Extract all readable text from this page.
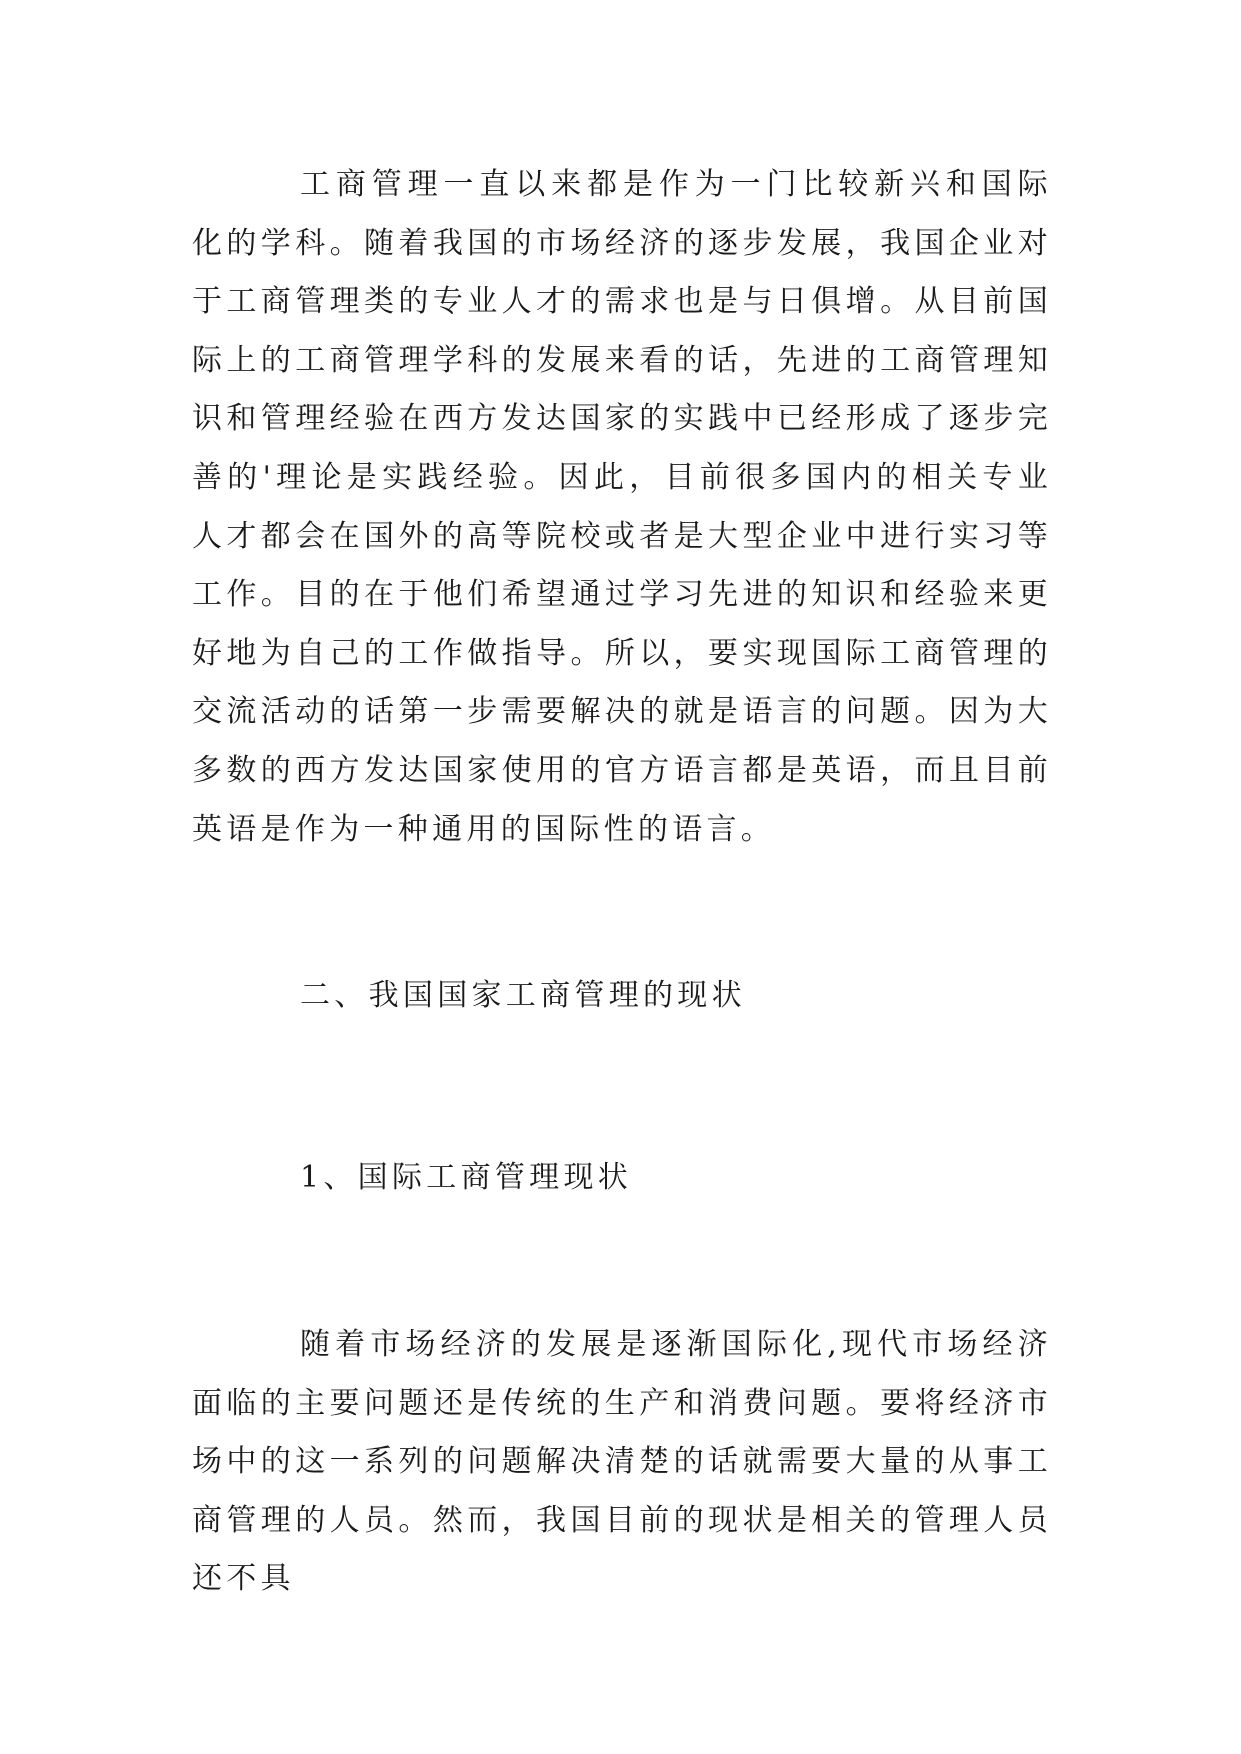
工商管理一直以来都是作为一门比较新兴和国际化的学科。随着我国的市场经济的逐步发展，我国企业对于工商管理类的专业人才的需求也是与日俱增。从目前国际上的工商管理学科的发展来看的话，先进的工商管理知识和管理经验在西方发达国家的实践中已经形成了逐步完善的'理论是实践经验。因此，目前很多国内的相关专业人才都会在国外的高等院校或者是大型企业中进行实习等工作。目的在于他们希望通过学习先进的知识和经验来更好地为自己的工作做指导。所以，要实现国际工商管理的交流活动的话第一步需要解决的就是语言的问题。因为大多数的西方发达国家使用的官方语言都是英语，而且目前英语是作为一种通用的国际性的语言。

二、我国国家工商管理的现状
1、国际工商管理现状

随着市场经济的发展是逐渐国际化,现代市场经济面临的主要问题还是传统的生产和消费问题。要将经济市场中的这一系列的问题解决清楚的话就需要大量的从事工商管理的人员。然而，我国目前的现状是相关的管理人员还不具
